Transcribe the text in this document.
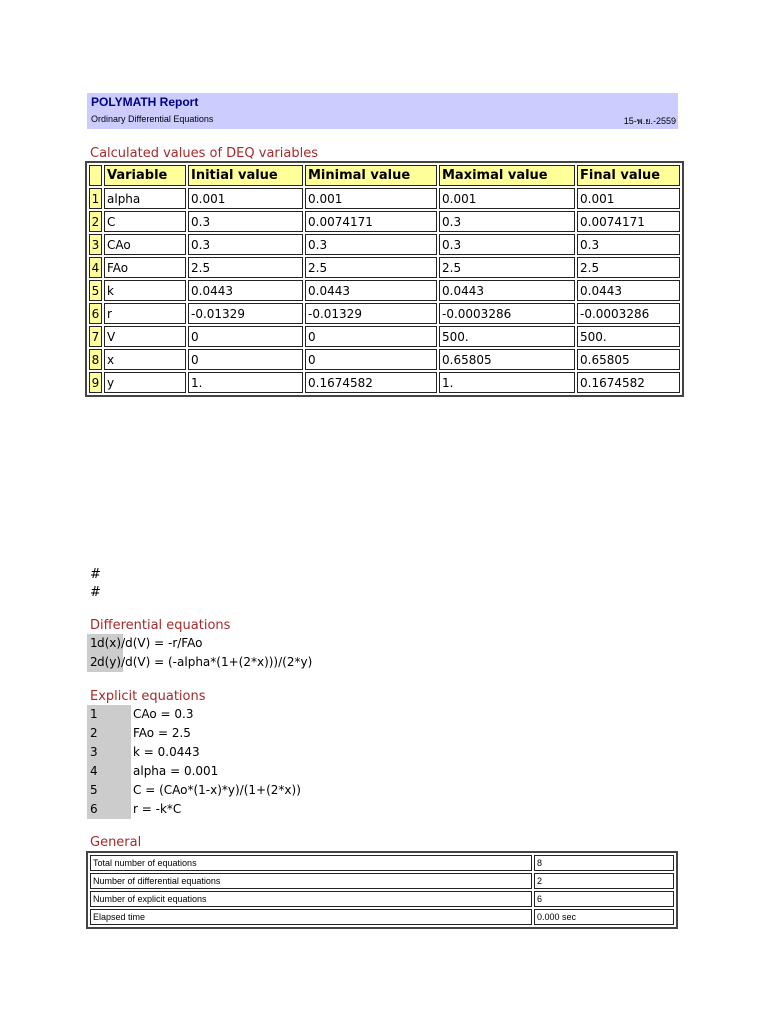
POLYMATH Report
Ordinary Differential Equations	15-พ.ย.-2559
Calculated values of DEQ variables
	Variable	Initial value	Minimal value	Maximal value	Final value
1	alpha	0.001	0.001	0.001	0.001
2	C	0.3	0.0074171	0.3	0.0074171
3	CAo	0.3	0.3	0.3	0.3
4	FAo	2.5	2.5	2.5	2.5
5	k	0.0443	0.0443	0.0443	0.0443
6	r	-0.01329	-0.01329	-0.0003286	-0.0003286
7	V	0	0	500.	500.
8	x	0	0	0.65805	0.65805
9	y	1.	0.1674582	1.	0.1674582
#
#
Differential equations
1 d(x)/d(V) = -r/FAo
2 d(y)/d(V) = (-alpha*(1+(2*x)))/(2*y)
Explicit equations
1	CAo = 0.3
2	FAo = 2.5
3	k = 0.0443
4	alpha = 0.001
5	C = (CAo*(1-x)*y)/(1+(2*x))
6	r = -k*C
General
Total number of equations	8
Number of differential equations	2
Number of explicit equations	6
Elapsed time	0.000 sec
